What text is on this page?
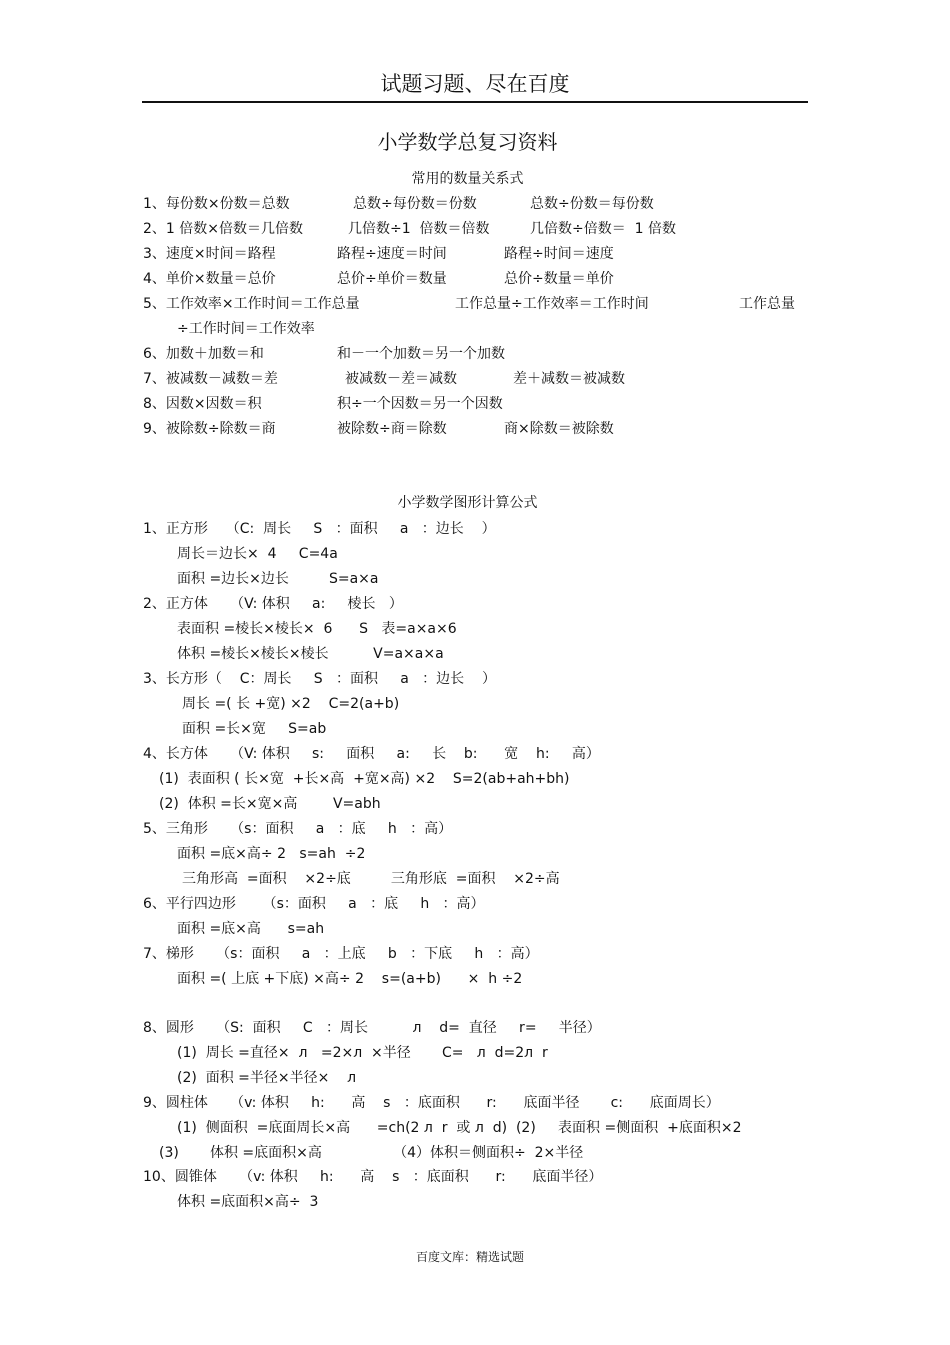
试题习题、尽在百度
小学数学总复习资料
常用的数量关系式
1、每份数×份数＝总数	总数÷每份数＝份数	总数÷份数＝每份数
2、1 倍数×倍数＝几倍数	几倍数÷1  倍数＝倍数	几倍数÷倍数＝  1 倍数
3、速度×时间＝路程	路程÷速度＝时间	路程÷时间＝速度
4、单价×数量＝总价	总价÷单价＝数量	总价÷数量＝单价
5、工作效率×工作时间＝工作总量	工作总量÷工作效率＝工作时间	工作总量
÷工作时间＝工作效率
6、加数＋加数＝和	和－一个加数＝另一个加数
7、被减数－减数＝差	被减数－差＝减数	差＋减数＝被减数
8、因数×因数＝积	积÷一个因数＝另一个因数
9、被除数÷除数＝商	被除数÷商＝除数	商×除数＝被除数
小学数学图形计算公式
1、正方形    （C:  周长     S   ：面积     a   ：边长    ）
周长＝边长×  4     C=4a
面积 =边长×边长         S=a×a
2、正方体     （V: 体积     a:     棱长   ）
表面积 =棱长×棱长×  6      S   表=a×a×6
体积 =棱长×棱长×棱长          V=a×a×a
3、长方形（    C：周长     S   ：面积     a   ：边长    ）
周长 =( 长 +宽) ×2    C=2(a+b)
面积 =长×宽     S=ab
4、长方体     （V: 体积     s:     面积     a:     长    b:      宽    h:     高）
(1)  表面积 ( 长×宽  +长×高  +宽×高) ×2    S=2(ab+ah+bh)
(2)  体积 =长×宽×高        V=abh
5、三角形     （s：面积     a   ：底     h   ：高）
面积 =底×高÷ 2   s=ah  ÷2
三角形高  =面积    ×2÷底         三角形底  =面积    ×2÷高
6、平行四边形      （s：面积     a   ：底     h   ：高）
面积 =底×高      s=ah
7、梯形     （s：面积     a   ：上底     b   ：下底     h   ：高）
面积 =( 上底 +下底) ×高÷ 2    s=(a+b)      ×  h ÷2
8、圆形     （S:  面积     C   ：周长          л    d=  直径     r=     半径）
(1)  周长 =直径×  л   =2×л  ×半径       C=   л  d=2л  r
(2)  面积 =半径×半径×    л
9、圆柱体     （v: 体积     h:      高    s   ：底面积      r:      底面半径       c:      底面周长）
(1)  侧面积  =底面周长×高      =ch(2 л  r  或 л  d)  (2)     表面积 =侧面积  +底面积×2
(3)       体积 =底面积×高                （4）体积＝侧面积÷  2×半径
10、圆锥体     （v: 体积     h:      高    s   ：底面积      r:      底面半径）
体积 =底面积×高÷  3
百度文库：精选试题
